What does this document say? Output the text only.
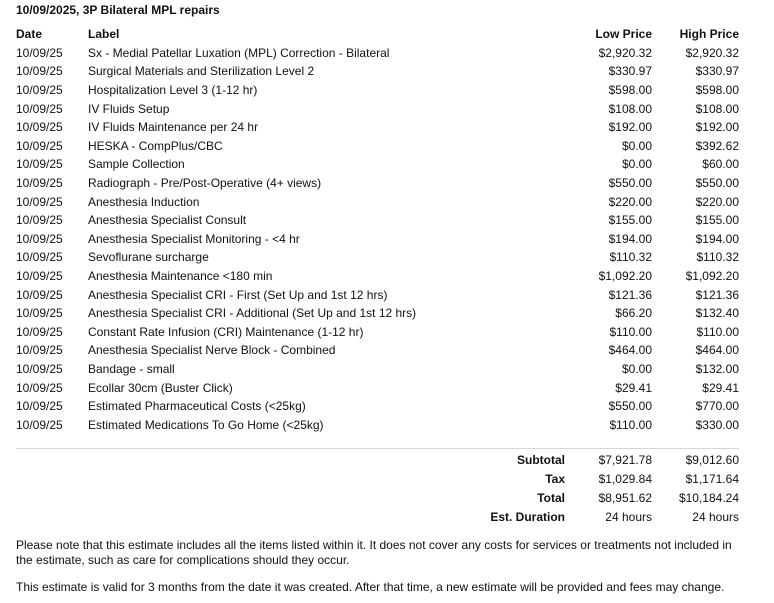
10/09/2025, 3P Bilateral MPL repairs
Date	Label	Low Price	High Price
10/09/25	Sx - Medial Patellar Luxation (MPL) Correction - Bilateral	$2,920.32	$2,920.32
10/09/25	Surgical Materials and Sterilization Level 2	$330.97	$330.97
10/09/25	Hospitalization Level 3 (1-12 hr)	$598.00	$598.00
10/09/25	IV Fluids Setup	$108.00	$108.00
10/09/25	IV Fluids Maintenance per 24 hr	$192.00	$192.00
10/09/25	HESKA - CompPlus/CBC	$0.00	$392.62
10/09/25	Sample Collection	$0.00	$60.00
10/09/25	Radiograph - Pre/Post-Operative (4+ views)	$550.00	$550.00
10/09/25	Anesthesia Induction	$220.00	$220.00
10/09/25	Anesthesia Specialist Consult	$155.00	$155.00
10/09/25	Anesthesia Specialist Monitoring - <4 hr	$194.00	$194.00
10/09/25	Sevoflurane surcharge	$110.32	$110.32
10/09/25	Anesthesia Maintenance <180 min	$1,092.20	$1,092.20
10/09/25	Anesthesia Specialist CRI - First (Set Up and 1st 12 hrs)	$121.36	$121.36
10/09/25	Anesthesia Specialist CRI - Additional (Set Up and 1st 12 hrs)	$66.20	$132.40
10/09/25	Constant Rate Infusion (CRI) Maintenance (1-12 hr)	$110.00	$110.00
10/09/25	Anesthesia Specialist Nerve Block - Combined	$464.00	$464.00
10/09/25	Bandage - small	$0.00	$132.00
10/09/25	Ecollar 30cm (Buster Click)	$29.41	$29.41
10/09/25	Estimated Pharmaceutical Costs (<25kg)	$550.00	$770.00
10/09/25	Estimated Medications To Go Home (<25kg)	$110.00	$330.00
	Subtotal	$7,921.78	$9,012.60
	Tax	$1,029.84	$1,171.64
	Total	$8,951.62	$10,184.24
	Est. Duration	24 hours	24 hours

Please note that this estimate includes all the items listed within it. It does not cover any costs for services or treatments not included in the estimate, such as care for complications should they occur.

This estimate is valid for 3 months from the date it was created. After that time, a new estimate will be provided and fees may change.
